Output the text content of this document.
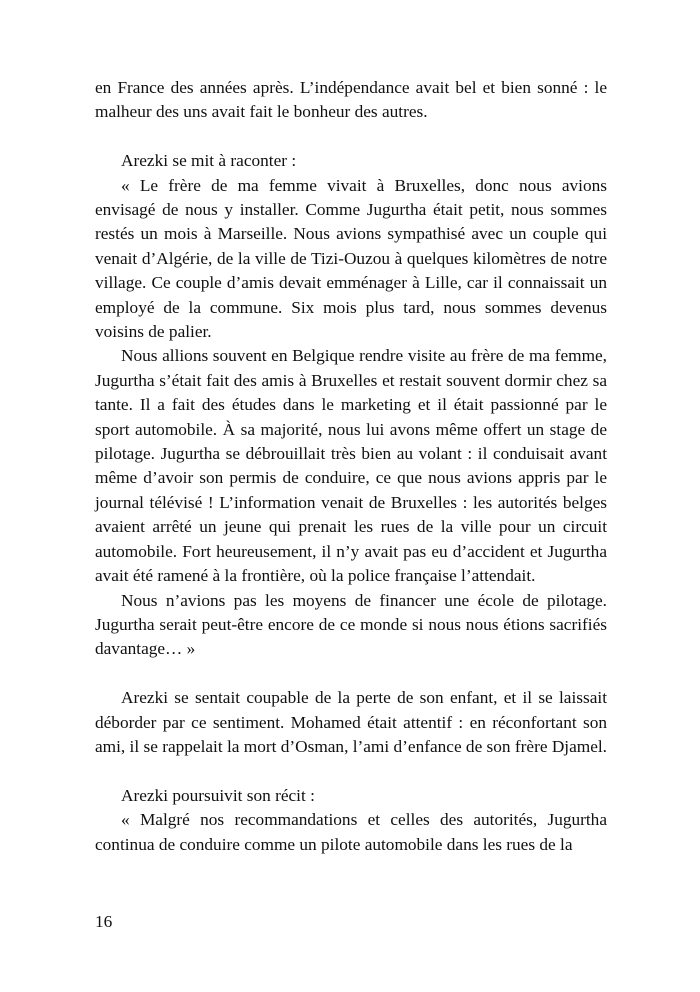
en France des années après. L’indépendance avait bel et bien sonné : le malheur des uns avait fait le bonheur des autres.

Arezki se mit à raconter :

« Le frère de ma femme vivait à Bruxelles, donc nous avions envisagé de nous y installer. Comme Jugurtha était petit, nous sommes restés un mois à Marseille. Nous avions sympathisé avec un couple qui venait d’Algérie, de la ville de Tizi-Ouzou à quelques kilomètres de notre village. Ce couple d’amis devait emménager à Lille, car il connaissait un employé de la commune. Six mois plus tard, nous sommes devenus voisins de palier.

Nous allions souvent en Belgique rendre visite au frère de ma femme, Jugurtha s’était fait des amis à Bruxelles et restait souvent dormir chez sa tante. Il a fait des études dans le marketing et il était passionné par le sport automobile. À sa majorité, nous lui avons même offert un stage de pilotage. Jugurtha se débrouillait très bien au volant : il conduisait avant même d’avoir son permis de conduire, ce que nous avions appris par le journal télévisé ! L’information venait de Bruxelles : les autorités belges avaient arrêté un jeune qui prenait les rues de la ville pour un circuit automobile. Fort heureusement, il n’y avait pas eu d’accident et Jugurtha avait été ramené à la frontière, où la police française l’attendait.

Nous n’avions pas les moyens de financer une école de pilotage. Jugurtha serait peut-être encore de ce monde si nous nous étions sacrifiés davantage… »

Arezki se sentait coupable de la perte de son enfant, et il se laissait déborder par ce sentiment. Mohamed était attentif : en réconfortant son ami, il se rappelait la mort d’Osman, l’ami d’enfance de son frère Djamel.

Arezki poursuivit son récit :

« Malgré nos recommandations et celles des autorités, Jugurtha continua de conduire comme un pilote automobile dans les rues de la

16
